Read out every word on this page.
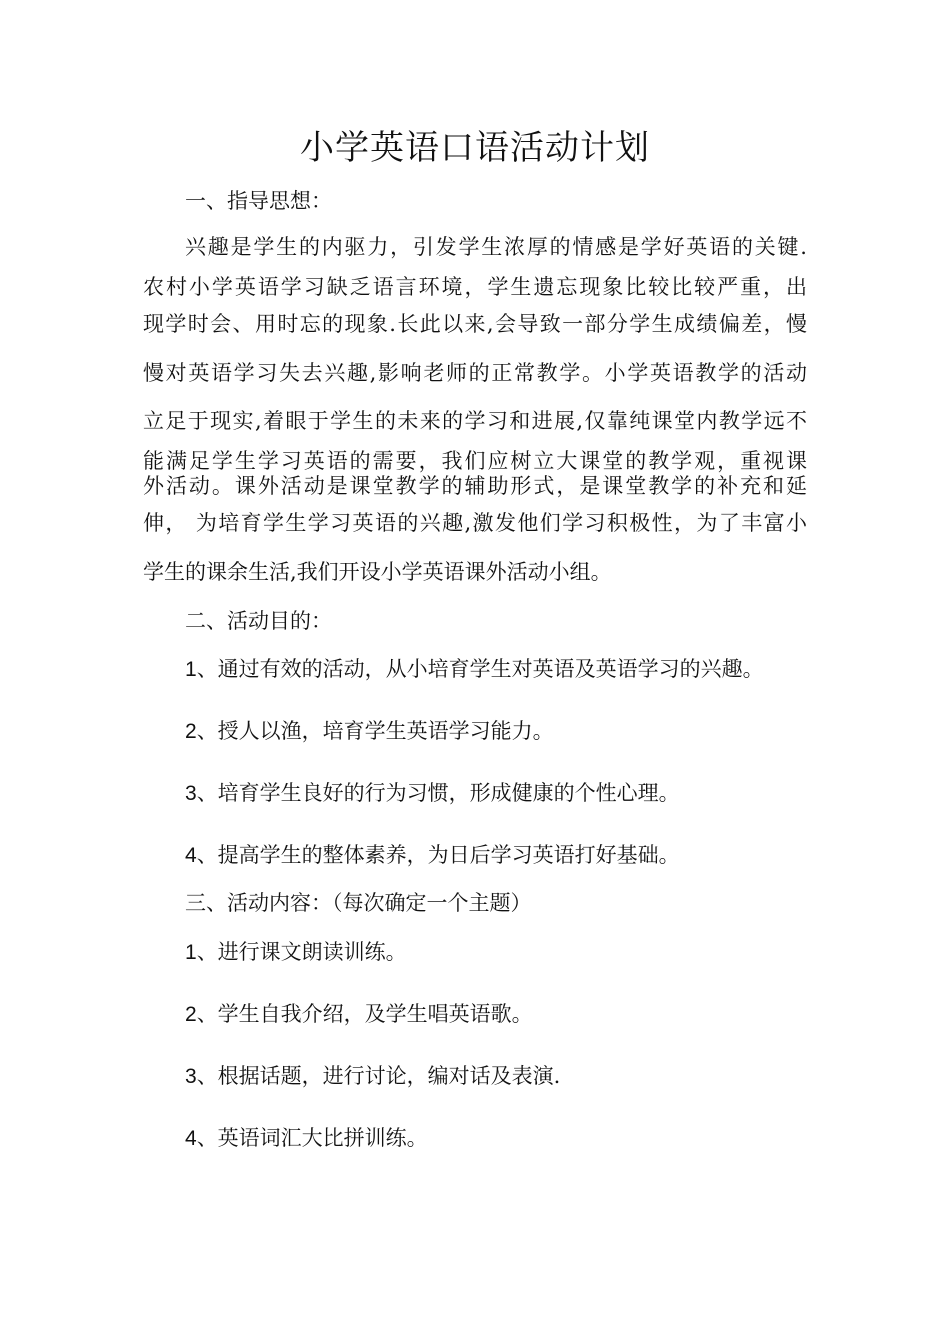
小学英语口语活动计划

一、指导思想：

兴趣是学生的内驱力，引发学生浓厚的情感是学好英语的关键.

农村小学英语学习缺乏语言环境，学生遗忘现象比较比较严重，出

现学时会、用时忘的现象.长此以来,会导致一部分学生成绩偏差，慢

慢对英语学习失去兴趣,影响老师的正常教学。小学英语教学的活动

立足于现实,着眼于学生的未来的学习和进展,仅靠纯课堂内教学远不

能满足学生学习英语的需要，我们应树立大课堂的教学观，重视课

外活动。课外活动是课堂教学的辅助形式，是课堂教学的补充和延

伸， 为培育学生学习英语的兴趣,激发他们学习积极性，为了丰富小

学生的课余生活,我们开设小学英语课外活动小组。

二、活动目的：

1、通过有效的活动，从小培育学生对英语及英语学习的兴趣。

2、授人以渔，培育学生英语学习能力。

3、培育学生良好的行为习惯，形成健康的个性心理。

4、提高学生的整体素养，为日后学习英语打好基础。

三、活动内容：（每次确定一个主题）

1、进行课文朗读训练。

2、学生自我介绍，及学生唱英语歌。

3、根据话题，进行讨论，编对话及表演.

4、英语词汇大比拼训练。
